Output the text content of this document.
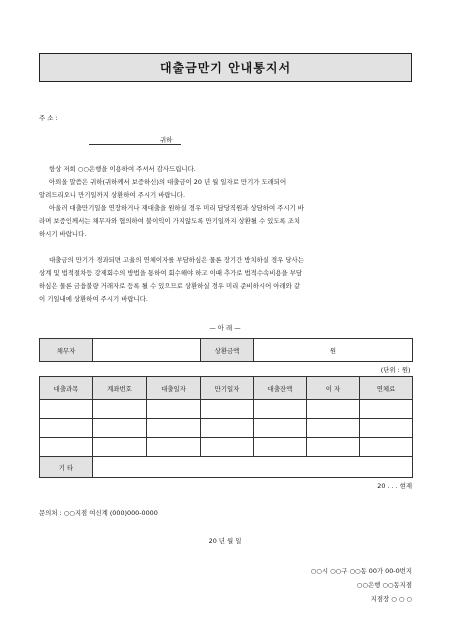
대출금만기 안내통지서
주 소 :
귀하

항상 저희 ○○은행을 이용하여 주셔서 감사드립니다.

아뢰올 말씀은 귀하(귀하께서 보증하신)의 대출금이 20 년 월 일자로 만기가 도래되어

알려드리오니 만기일까지 상환하여 주시기 바랍니다.

아울러 대출만기일을 연장하거나 재대출을 원하실 경우 미리 담당직원과 상담하여 주시기 바

라며 보증인께서는 채무자와 협의하여 불이익이 가지않도록 만기일까지 상환될 수 있도록 조치

하시기 바랍니다.

대출금의 만기가 경과되면 고율의 연체이자를 부담하심은 물론 장기간 방치하실 경우 당사는

상계 및 법적절차등 강제회수의 방법을 통하여 회수해야 하고 이때 추가로 법적수속비용을 부담

하심은 물론 금융불량 거래자로 등록 될 수 있으므로 상환하실 경우 미리 준비하시어 아래와 같

이 기일내에 상환하여 주시기 바랍니다.

— 아 래 —
채무자			상환금액	원		
(단위 : 원)						
대출과목	계좌번호	대출일자	만기일자	대출잔액	이 자	연체료

기 타						
20 . . . 현재
문의처 : ○○지점 여신계 (000)000-0000
20 년 월 일
○○시 ○○구 ○○동 00가 00-0번지
○○은행 ○○동지점
지점장 ○ ○ ○
